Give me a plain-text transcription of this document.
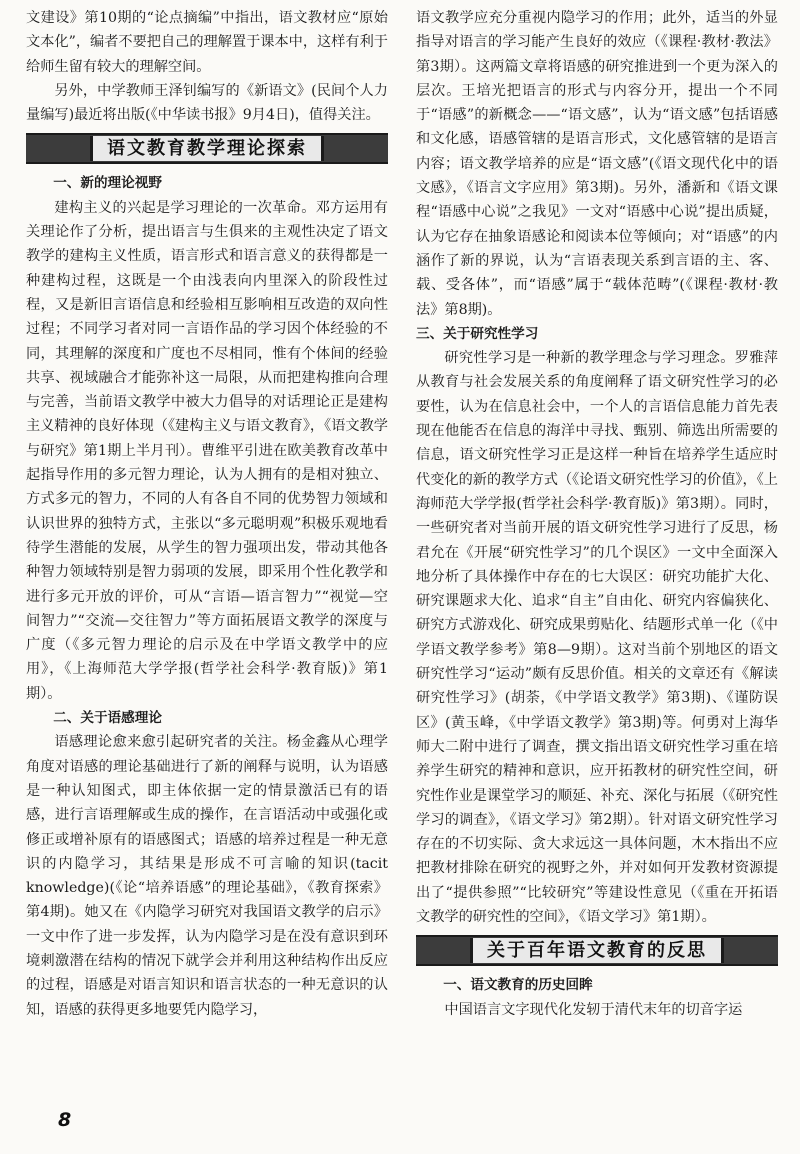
文建设》第10期的“论点摘编”中指出，语文教材应“原始文本化”，编者不要把自己的理解置于课本中，这样有利于给师生留有较大的理解空间。

另外，中学教师王泽钊编写的《新语文》(民间个人力量编写)最近将出版(《中华读书报》9月4日)，值得关注。

语文教育教学理论探索
一、新的理论视野

建构主义的兴起是学习理论的一次革命。邓方运用有关理论作了分析，提出语言与生俱来的主观性决定了语文教学的建构主义性质，语言形式和语言意义的获得都是一种建构过程，这既是一个由浅表向内里深入的阶段性过程，又是新旧言语信息和经验相互影响相互改造的双向性过程；不同学习者对同一言语作品的学习因个体经验的不同，其理解的深度和广度也不尽相同，惟有个体间的经验共享、视域融合才能弥补这一局限，从而把建构推向合理与完善，当前语文教学中被大力倡导的对话理论正是建构主义精神的良好体现（《建构主义与语文教育》，《语文教学与研究》第1期上半月刊）。曹维平引进在欧美教育改革中起指导作用的多元智力理论，认为人拥有的是相对独立、方式多元的智力，不同的人有各自不同的优势智力领域和认识世界的独特方式，主张以“多元聪明观”积极乐观地看待学生潜能的发展，从学生的智力强项出发，带动其他各种智力领域特别是智力弱项的发展，即采用个性化教学和进行多元开放的评价，可从“言语—语言智力”“视觉—空间智力”“交流—交往智力”等方面拓展语文教学的深度与广度（《多元智力理论的启示及在中学语文教学中的应用》，《上海师范大学学报(哲学社会科学·教育版)》第1期）。

二、关于语感理论

语感理论愈来愈引起研究者的关注。杨金鑫从心理学角度对语感的理论基础进行了新的阐释与说明，认为语感是一种认知图式，即主体依据一定的情景激活已有的语感，进行言语理解或生成的操作，在言语活动中或强化或修正或增补原有的语感图式；语感的培养过程是一种无意识的内隐学习，其结果是形成不可言喻的知识(tacit knowledge)(《论“培养语感”的理论基础》，《教育探索》第4期)。她又在《内隐学习研究对我国语文教学的启示》一文中作了进一步发挥，认为内隐学习是在没有意识到环境刺激潜在结构的情况下就学会并利用这种结构作出反应的过程，语感是对语言知识和语言状态的一种无意识的认知，语感的获得更多地要凭内隐学习，

语文教学应充分重视内隐学习的作用；此外，适当的外显指导对语言的学习能产生良好的效应（《课程·教材·教法》第3期）。这两篇文章将语感的研究推进到一个更为深入的层次。王培光把语言的形式与内容分开，提出一个不同于“语感”的新概念——“语文感”，认为“语文感”包括语感和文化感，语感管辖的是语言形式，文化感管辖的是语言内容；语文教学培养的应是“语文感”(《语文现代化中的语文感》，《语言文字应用》第3期)。另外，潘新和《语文课程“语感中心说”之我见》一文对“语感中心说”提出质疑，认为它存在抽象语感论和阅读本位等倾向；对“语感”的内涵作了新的界说，认为“言语表现关系到言语的主、客、载、受各体”，而“语感”属于“载体范畴”(《课程·教材·教法》第8期)。

三、关于研究性学习

研究性学习是一种新的教学理念与学习理念。罗雅萍从教育与社会发展关系的角度阐释了语文研究性学习的必要性，认为在信息社会中，一个人的言语信息能力首先表现在他能否在信息的海洋中寻找、甄别、筛选出所需要的信息，语文研究性学习正是这样一种旨在培养学生适应时代变化的新的教学方式（《论语文研究性学习的价值》，《上海师范大学学报(哲学社会科学·教育版)》第3期）。同时，一些研究者对当前开展的语文研究性学习进行了反思，杨君允在《开展“研究性学习”的几个误区》一文中全面深入地分析了具体操作中存在的七大误区：研究功能扩大化、研究课题求大化、追求“自主”自由化、研究内容偏狭化、研究方式游戏化、研究成果剪贴化、结题形式单一化（《中学语文教学参考》第8—9期）。这对当前个别地区的语文研究性学习“运动”颇有反思价值。相关的文章还有《解读研究性学习》(胡荼，《中学语文教学》第3期)、《谨防误区》(黄玉峰，《中学语文教学》第3期)等。何勇对上海华师大二附中进行了调查，撰文指出语文研究性学习重在培养学生研究的精神和意识，应开拓教材的研究性空间，研究性作业是课堂学习的顺延、补充、深化与拓展（《研究性学习的调查》，《语文学习》第2期）。针对语文研究性学习存在的不切实际、贪大求远这一具体问题，木木指出不应把教材排除在研究的视野之外，并对如何开发教材资源提出了“提供参照”“比较研究”等建设性意见（《重在开拓语文教学的研究性的空间》，《语文学习》第1期）。

关于百年语文教育的反思
一、语文教育的历史回眸

中国语言文字现代化发轫于清代末年的切音字运

8
